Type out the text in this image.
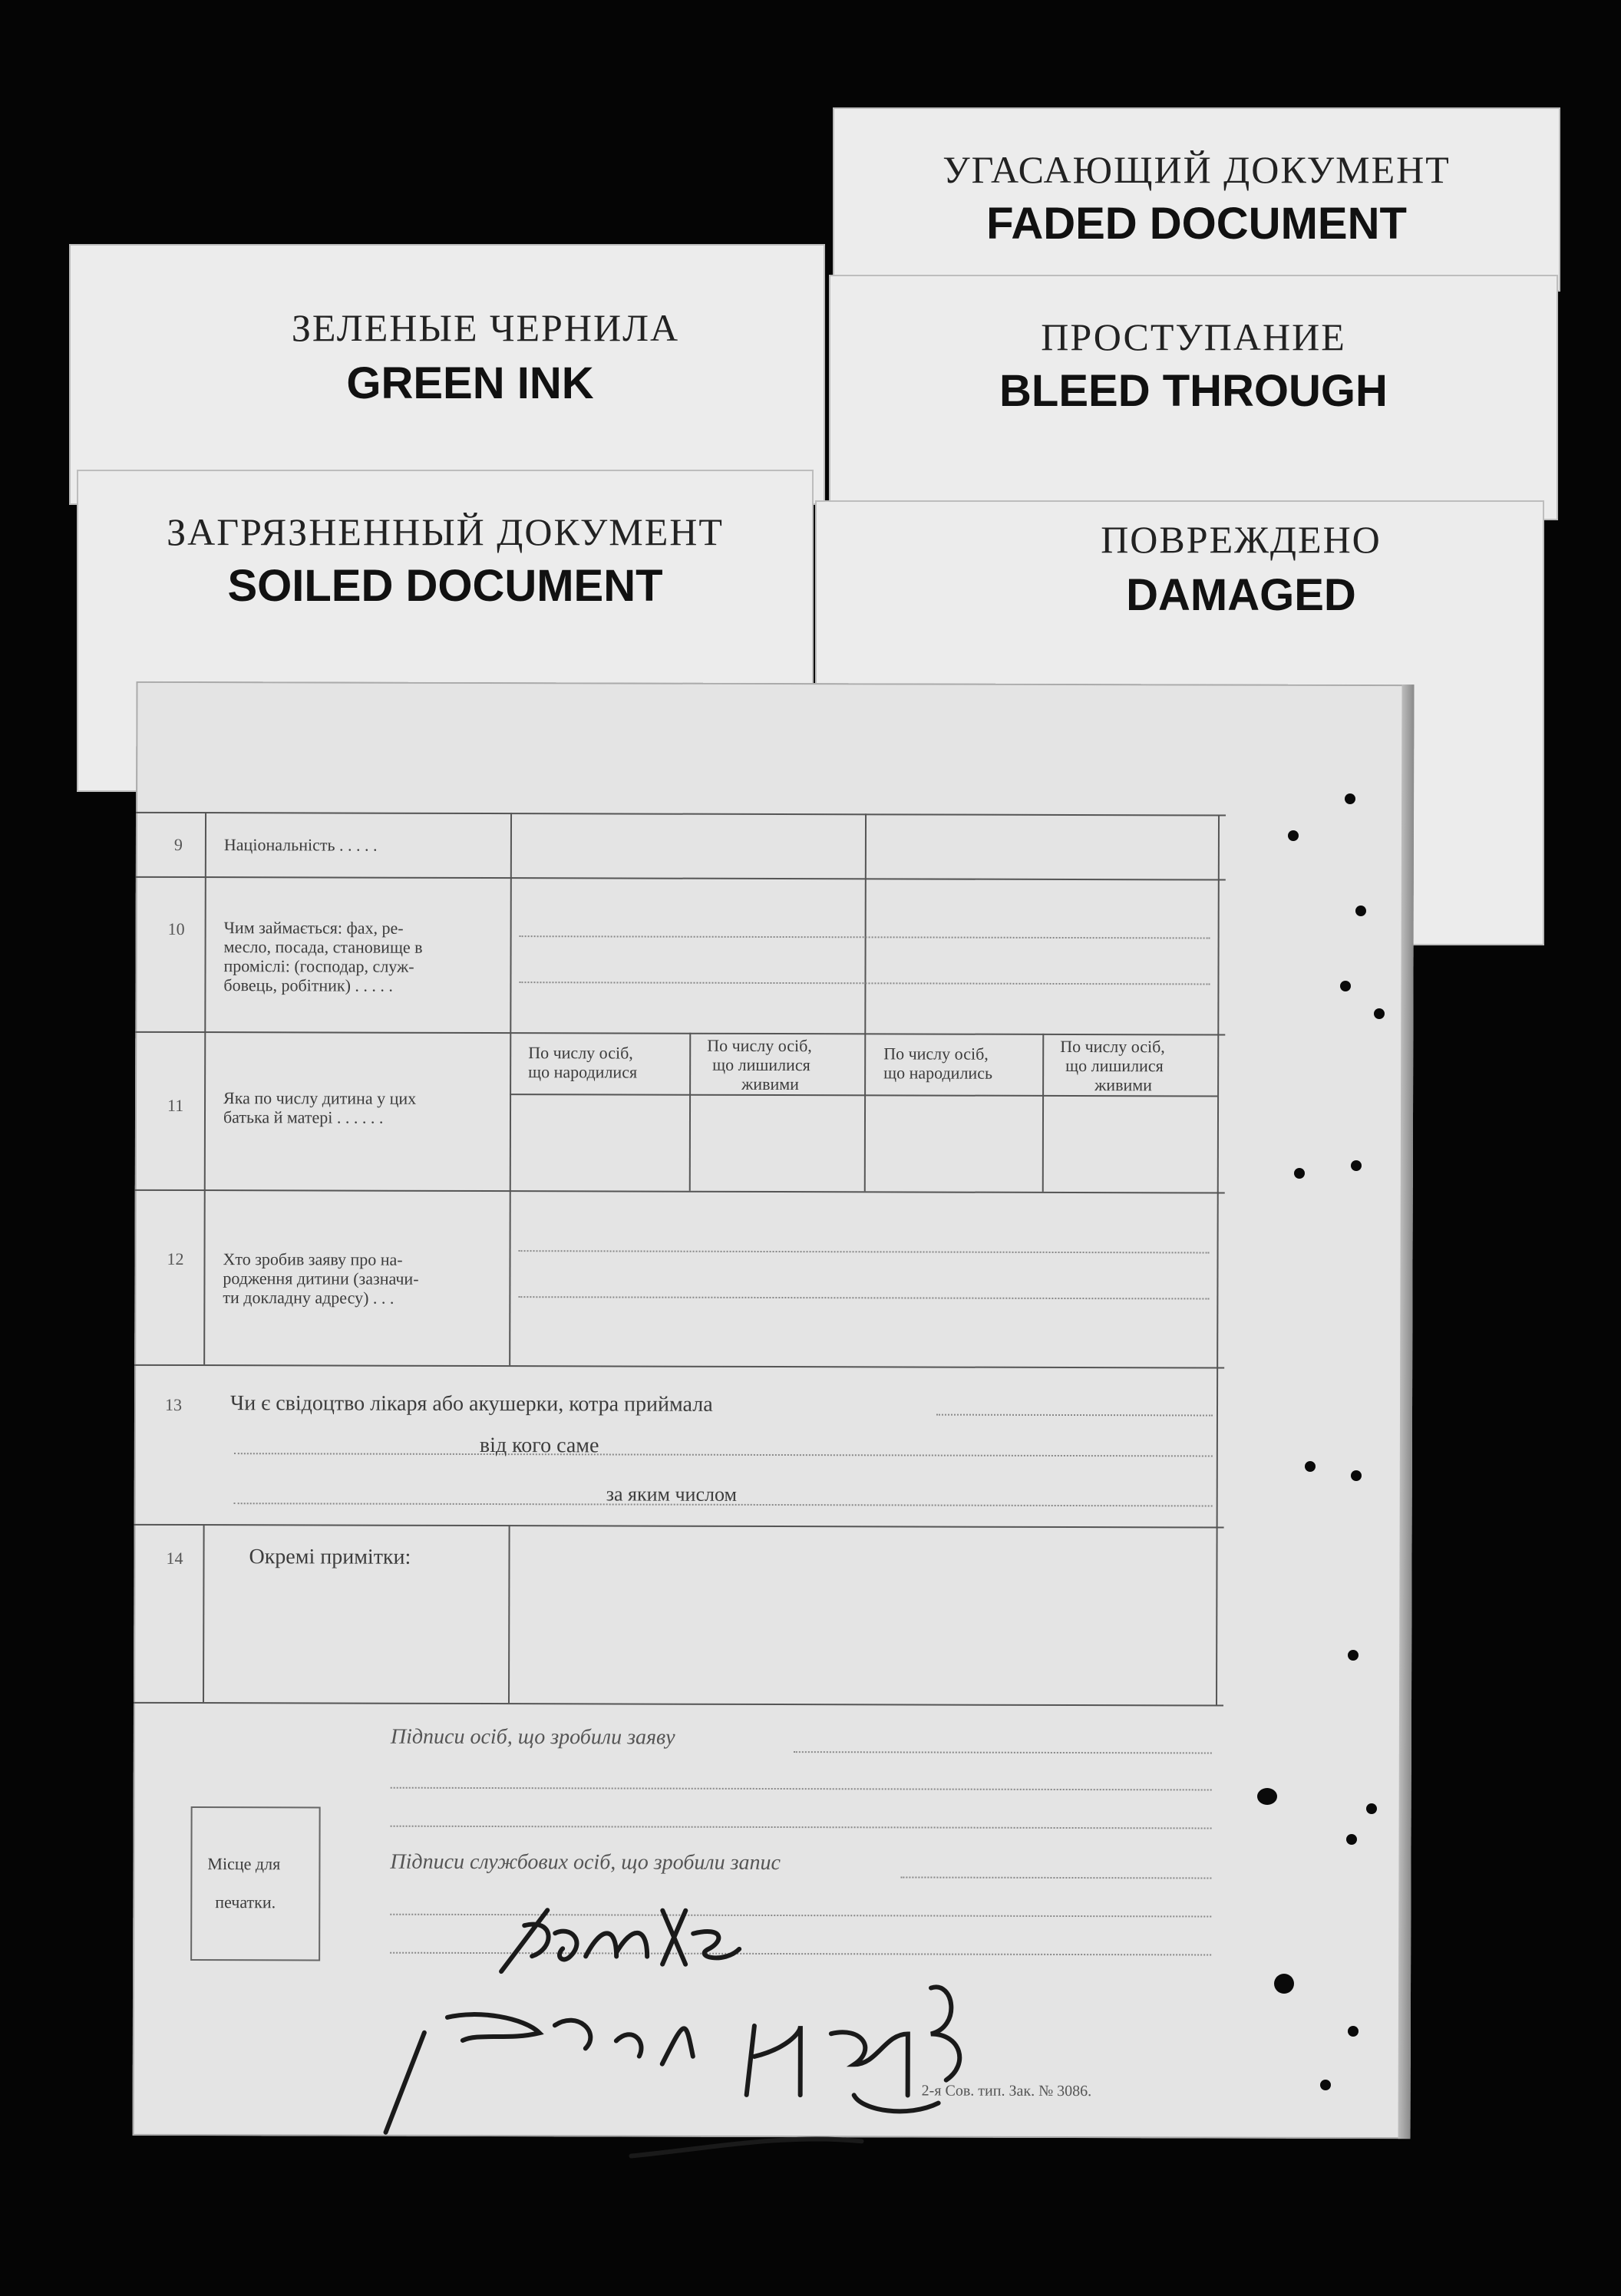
УГАСАЮЩИЙ ДОКУМЕНТ
FADED DOCUMENT
ПРОСТУПАНИЕ
BLEED THROUGH
ЗЕЛЕНЫЕ ЧЕРНИЛА
GREEN INK
ЗАГРЯЗНЕННЫЙ ДОКУМЕНТ
SOILED DOCUMENT
ПОВРЕЖДЕНО
DAMAGED
9 Національність . . . . .
10 Чим займається: фах, ре-
месло, посада, становище в
проміслі: (господар, служ-
бовець, робітник) . . . . .
11 Яка по числу дитина у цих
батька й матері . . . . . .
По числу осіб,
що народилися
По числу осіб,
що лишилися
живими
По числу осіб,
що народились
По числу осіб,
що лишилися
живими
12 Хто зробив заяву про на-
родження дитини (зазначи-
ти докладну адресу) . . .
13 Чи є свідоцтво лікаря або акушерки, котра приймала
від кого саме
за яким числом
14	Окремі примітки:
Підписи осіб, що зробили заяву
Підписи службових осіб, що зробили запис
Місце для
печатки.
2-я Сов. тип. Зак. № 3086.
